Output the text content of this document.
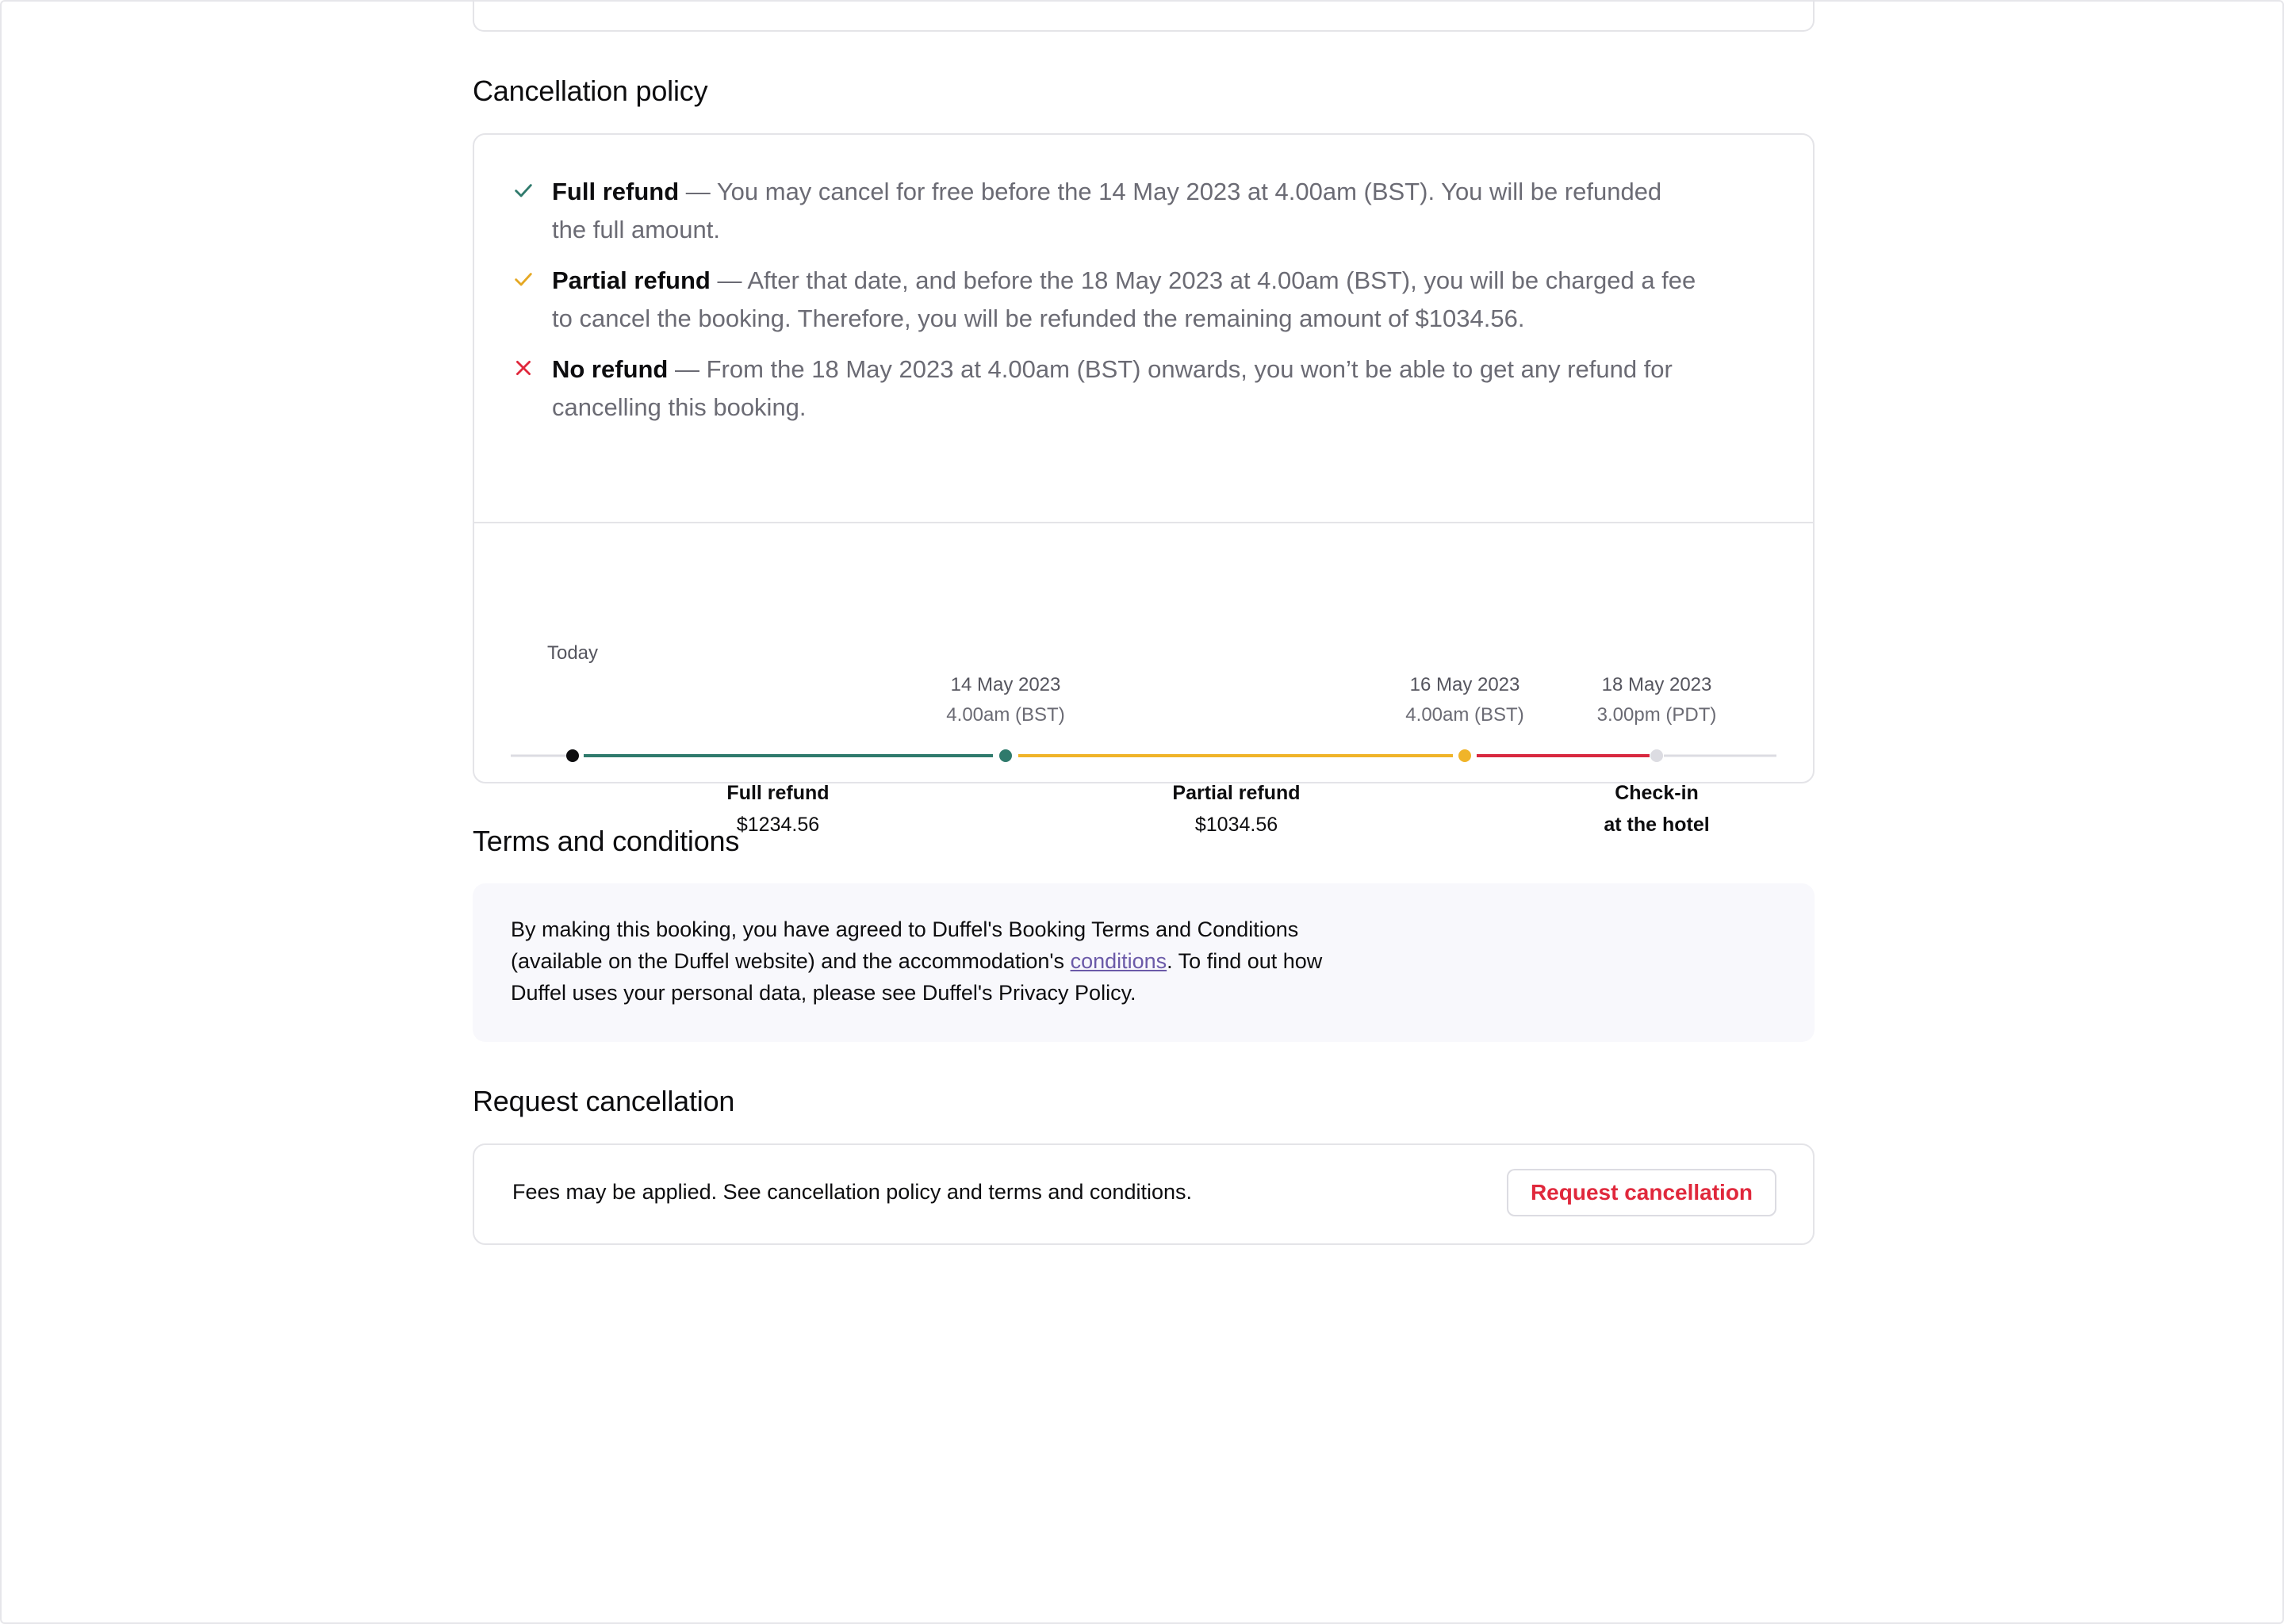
Cancellation policy
Full refund — You may cancel for free before the 14 May 2023 at 4.00am (BST). You will be refunded the full amount.
Partial refund — After that date, and before the 18 May 2023 at 4.00am (BST), you will be charged a fee to cancel the booking. Therefore, you will be refunded the remaining amount of $1034.56.
No refund — From the 18 May 2023 at 4.00am (BST) onwards, you won’t be able to get any refund for cancelling this booking.
Today
14 May 2023
4.00am (BST)
16 May 2023
4.00am (BST)
18 May 2023
3.00pm (PDT)
Full refund
$1234.56
Partial refund
$1034.56
Check-in
at the hotel
Terms and conditions
By making this booking, you have agreed to Duffel's Booking Terms and Conditions (available on the Duffel website) and the accommodation's conditions. To find out how Duffel uses your personal data, please see Duffel's Privacy Policy.
Request cancellation
Fees may be applied. See cancellation policy and terms and conditions.	Request cancellation
